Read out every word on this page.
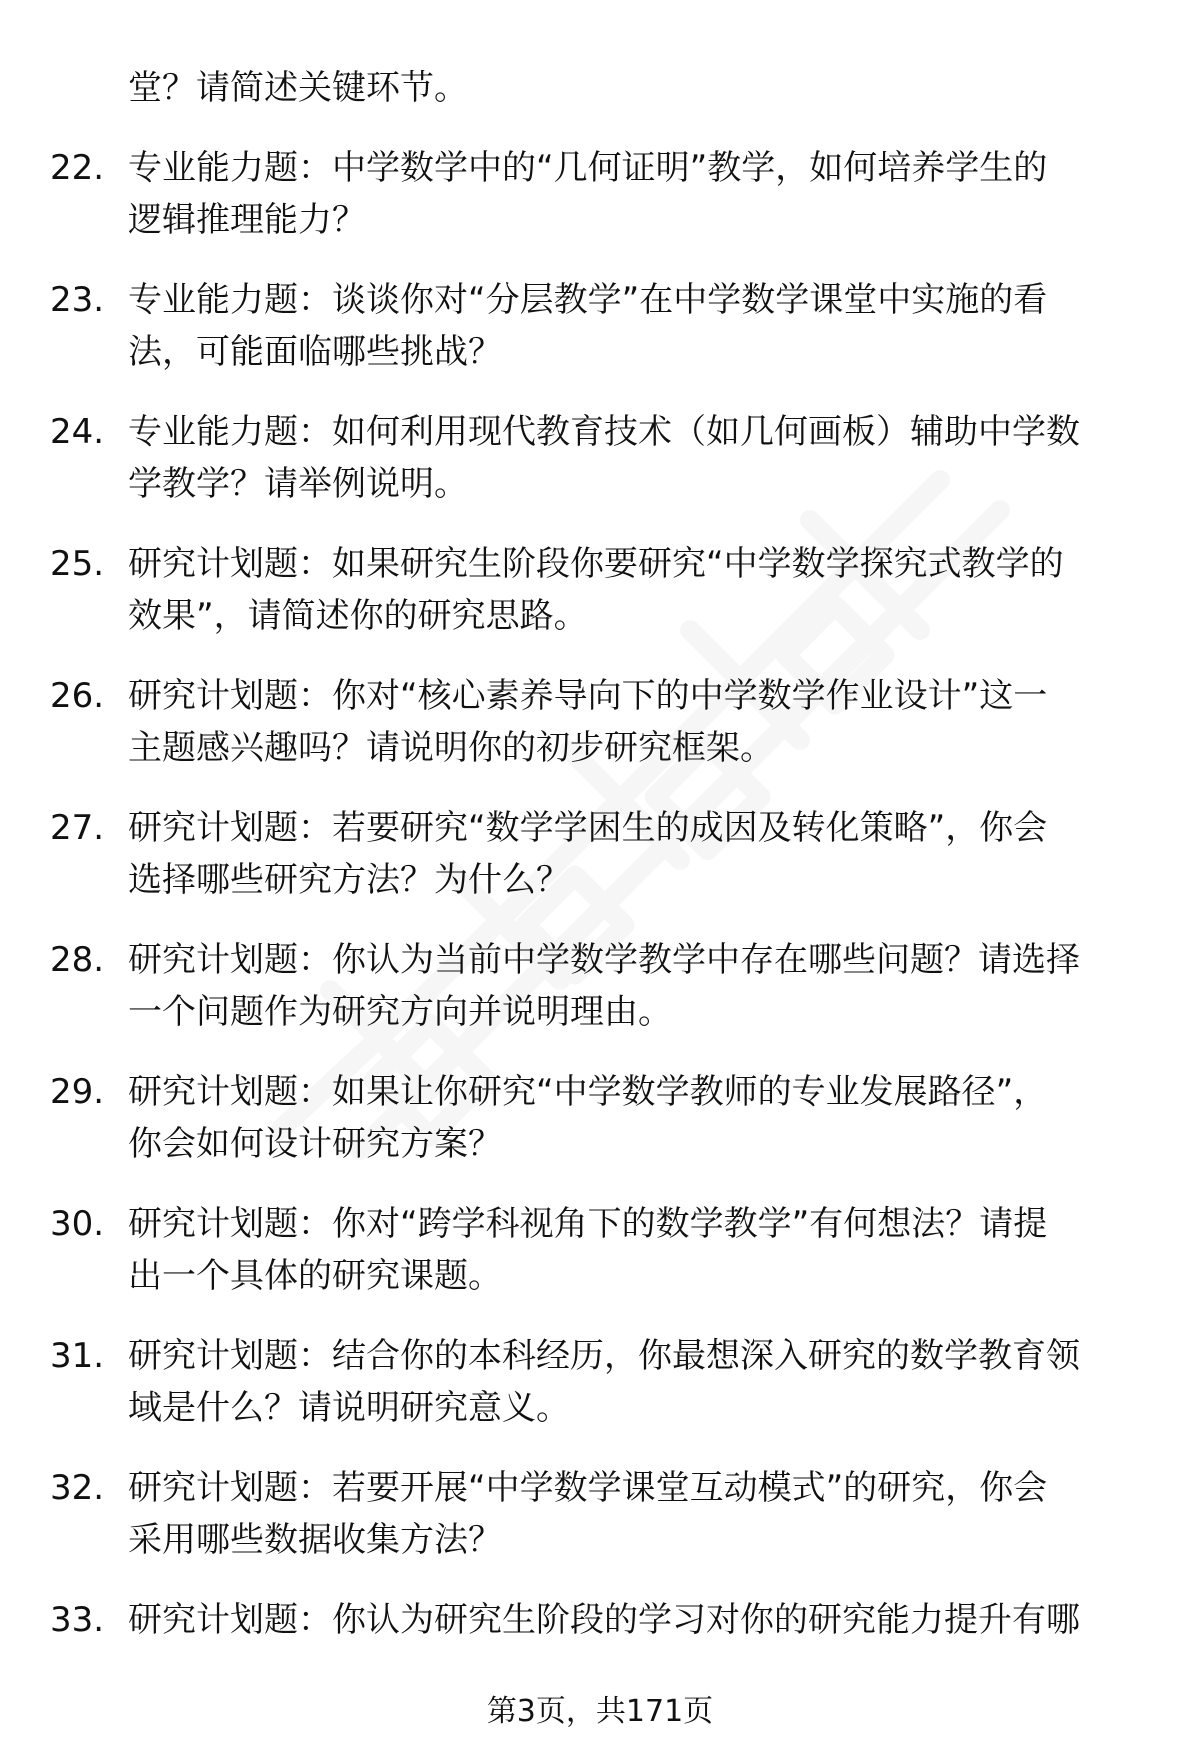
堂？请简述关键环节。
22. 专业能力题：中学数学中的“几何证明”教学，如何培养学生的
逻辑推理能力？
23. 专业能力题：谈谈你对“分层教学”在中学数学课堂中实施的看
法，可能面临哪些挑战？
24. 专业能力题：如何利用现代教育技术（如几何画板）辅助中学数
学教学？请举例说明。
25. 研究计划题：如果研究生阶段你要研究“中学数学探究式教学的
效果”，请简述你的研究思路。
26. 研究计划题：你对“核心素养导向下的中学数学作业设计”这一
主题感兴趣吗？请说明你的初步研究框架。
27. 研究计划题：若要研究“数学学困生的成因及转化策略”，你会
选择哪些研究方法？为什么？
28. 研究计划题：你认为当前中学数学教学中存在哪些问题？请选择
一个问题作为研究方向并说明理由。
29. 研究计划题：如果让你研究“中学数学教师的专业发展路径”，
你会如何设计研究方案？
30. 研究计划题：你对“跨学科视角下的数学教学”有何想法？请提
出一个具体的研究课题。
31. 研究计划题：结合你的本科经历，你最想深入研究的数学教育领
域是什么？请说明研究意义。
32. 研究计划题：若要开展“中学数学课堂互动模式”的研究，你会
采用哪些数据收集方法？
33. 研究计划题：你认为研究生阶段的学习对你的研究能力提升有哪
第3页，共171页
